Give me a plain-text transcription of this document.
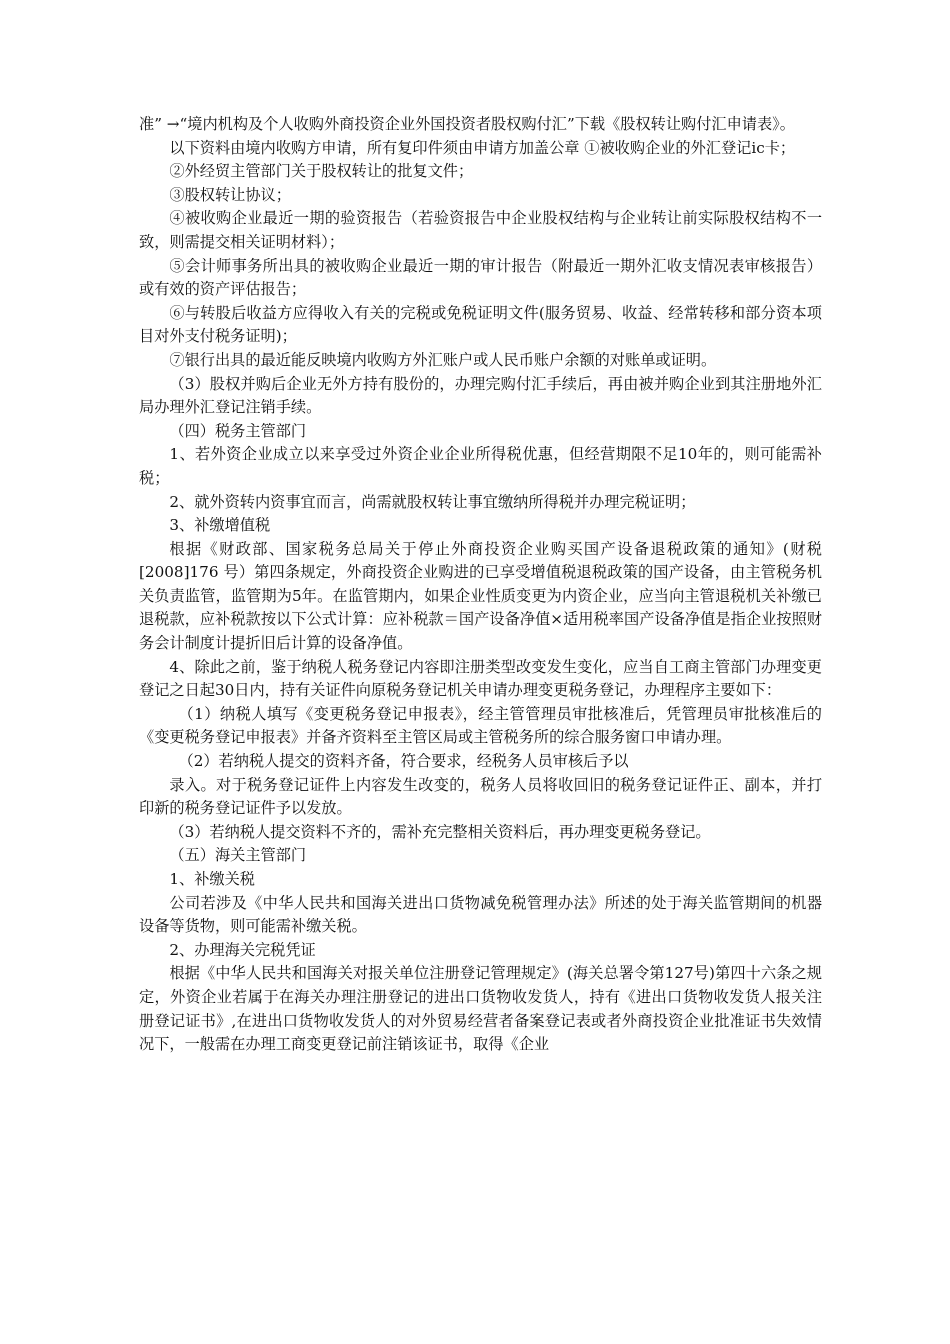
准” →“境内机构及个人收购外商投资企业外国投资者股权购付汇”下载《股权转让购付汇申请表》。

以下资料由境内收购方申请，所有复印件须由申请方加盖公章 ①被收购企业的外汇登记ic卡；

②外经贸主管部门关于股权转让的批复文件；

③股权转让协议；

④被收购企业最近一期的验资报告（若验资报告中企业股权结构与企业转让前实际股权结构不一致，则需提交相关证明材料）；

⑤会计师事务所出具的被收购企业最近一期的审计报告（附最近一期外汇收支情况表审核报告）或有效的资产评估报告；

⑥与转股后收益方应得收入有关的完税或免税证明文件(服务贸易、收益、经常转移和部分资本项目对外支付税务证明)；

⑦银行出具的最近能反映境内收购方外汇账户或人民币账户余额的对账单或证明。

（3）股权并购后企业无外方持有股份的，办理完购付汇手续后，再由被并购企业到其注册地外汇局办理外汇登记注销手续。

（四）税务主管部门

1、若外资企业成立以来享受过外资企业企业所得税优惠，但经营期限不足10年的，则可能需补税；

2、就外资转内资事宜而言，尚需就股权转让事宜缴纳所得税并办理完税证明；

3、补缴增值税

根据《财政部、国家税务总局关于停止外商投资企业购买国产设备退税政策的通知》(财税[2008]176 号）第四条规定，外商投资企业购进的已享受增值税退税政策的国产设备，由主管税务机关负责监管，监管期为5年。在监管期内，如果企业性质变更为内资企业，应当向主管退税机关补缴已退税款，应补税款按以下公式计算：应补税款＝国产设备净值×适用税率国产设备净值是指企业按照财务会计制度计提折旧后计算的设备净值。

4、除此之前，鉴于纳税人税务登记内容即注册类型改变发生变化，应当自工商主管部门办理变更登记之日起30日内，持有关证件向原税务登记机关申请办理变更税务登记，办理程序主要如下：

（1）纳税人填写《变更税务登记申报表》，经主管管理员审批核准后，凭管理员审批核准后的《变更税务登记申报表》并备齐资料至主管区局或主管税务所的综合服务窗口申请办理。

（2）若纳税人提交的资料齐备，符合要求，经税务人员审核后予以

录入。对于税务登记证件上内容发生改变的，税务人员将收回旧的税务登记证件正、副本，并打印新的税务登记证件予以发放。

（3）若纳税人提交资料不齐的，需补充完整相关资料后，再办理变更税务登记。

（五）海关主管部门

1、补缴关税

公司若涉及《中华人民共和国海关进出口货物减免税管理办法》所述的处于海关监管期间的机器设备等货物，则可能需补缴关税。

2、办理海关完税凭证

根据《中华人民共和国海关对报关单位注册登记管理规定》(海关总署令第127号)第四十六条之规定，外资企业若属于在海关办理注册登记的进出口货物收发货人，持有《进出口货物收发货人报关注册登记证书》,在进出口货物收发货人的对外贸易经营者备案登记表或者外商投资企业批准证书失效情况下，一般需在办理工商变更登记前注销该证书，取得《企业
